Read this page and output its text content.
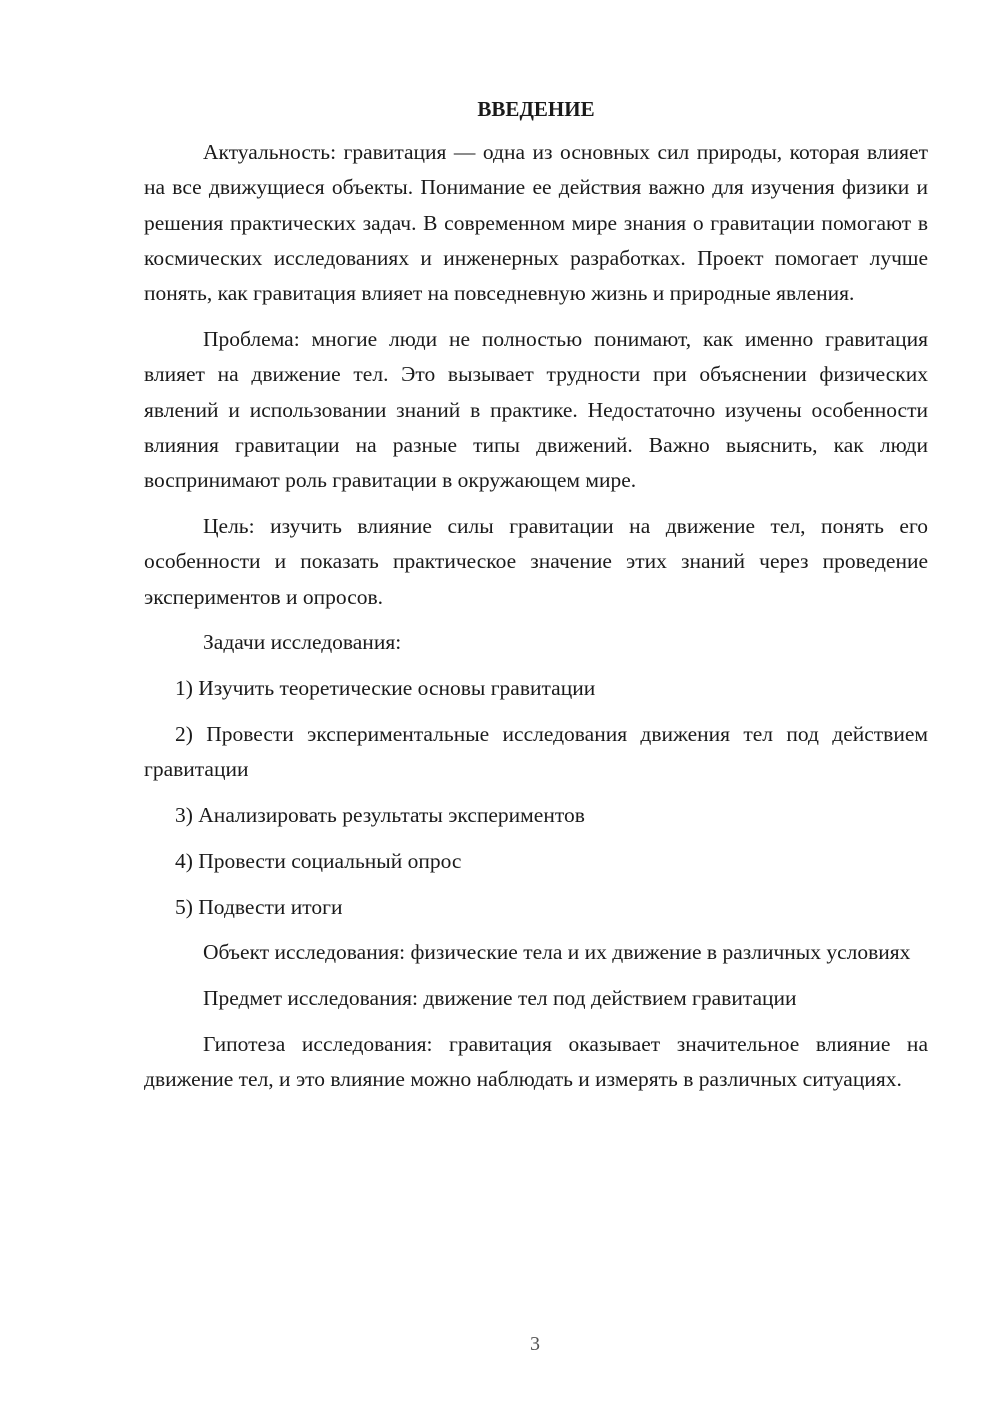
ВВЕДЕНИЕ

Актуальность: гравитация — одна из основных сил природы, которая влияет на все движущиеся объекты. Понимание ее действия важно для изучения физики и решения практических задач. В современном мире знания о гравитации помогают в космических исследованиях и инженерных разработках. Проект помогает лучше понять, как гравитация влияет на повседневную жизнь и природные явления.

Проблема: многие люди не полностью понимают, как именно гравитация влияет на движение тел. Это вызывает трудности при объяснении физических явлений и использовании знаний в практике. Недостаточно изучены особенности влияния гравитации на разные типы движений. Важно выяснить, как люди воспринимают роль гравитации в окружающем мире.

Цель: изучить влияние силы гравитации на движение тел, понять его особенности и показать практическое значение этих знаний через проведение экспериментов и опросов.

Задачи исследования:

1) Изучить теоретические основы гравитации

2) Провести экспериментальные исследования движения тел под действием гравитации

3) Анализировать результаты экспериментов

4) Провести социальный опрос

5) Подвести итоги

Объект исследования: физические тела и их движение в различных условиях

Предмет исследования: движение тел под действием гравитации

Гипотеза исследования: гравитация оказывает значительное влияние на движение тел, и это влияние можно наблюдать и измерять в различных ситуациях.

3
